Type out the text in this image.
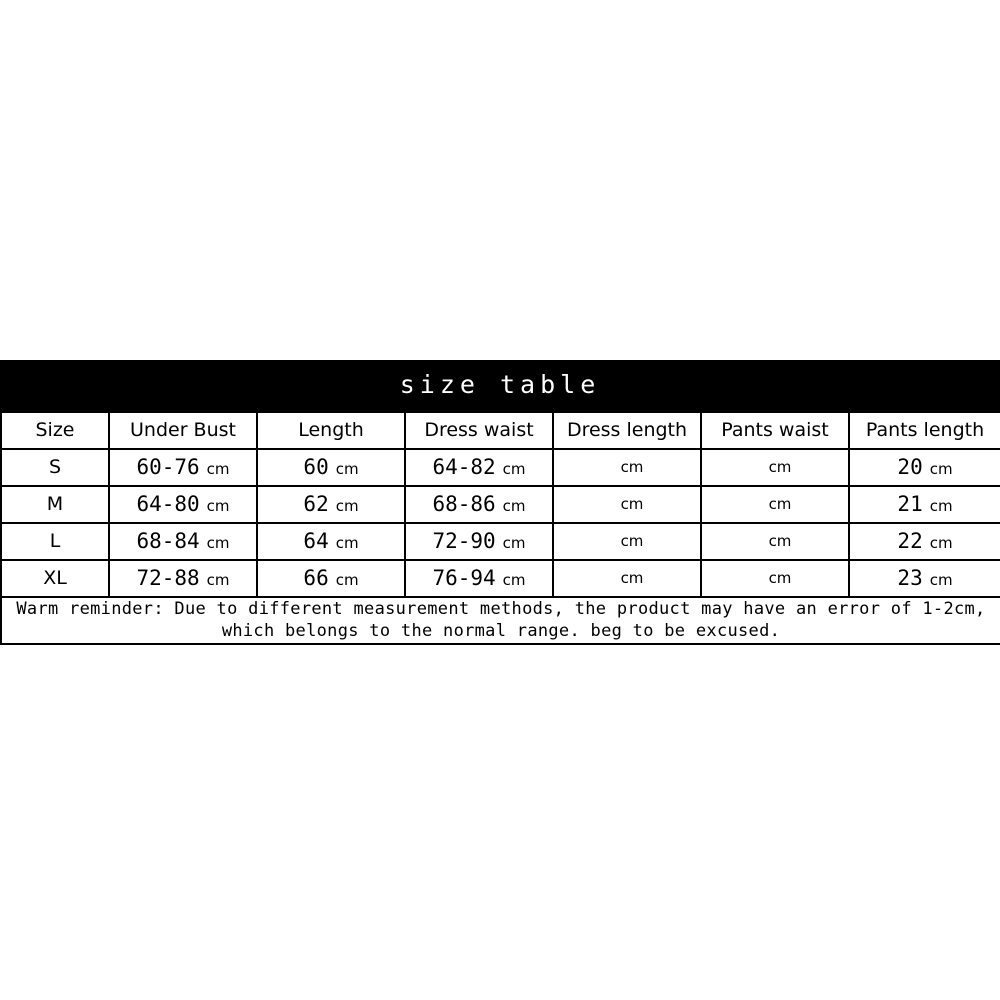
size table
Size	Under Bust	Length	Dress waist	Dress length	Pants waist	Pants length
S	60-76 cm	60 cm	64-82 cm	cm	cm	20 cm
M	64-80 cm	62 cm	68-86 cm	cm	cm	21 cm
L	68-84 cm	64 cm	72-90 cm	cm	cm	22 cm
XL	72-88 cm	66 cm	76-94 cm	cm	cm	23 cm
Warm reminder: Due to different measurement methods, the product may have an error of 1-2cm, which belongs to the normal range. beg to be excused.						
